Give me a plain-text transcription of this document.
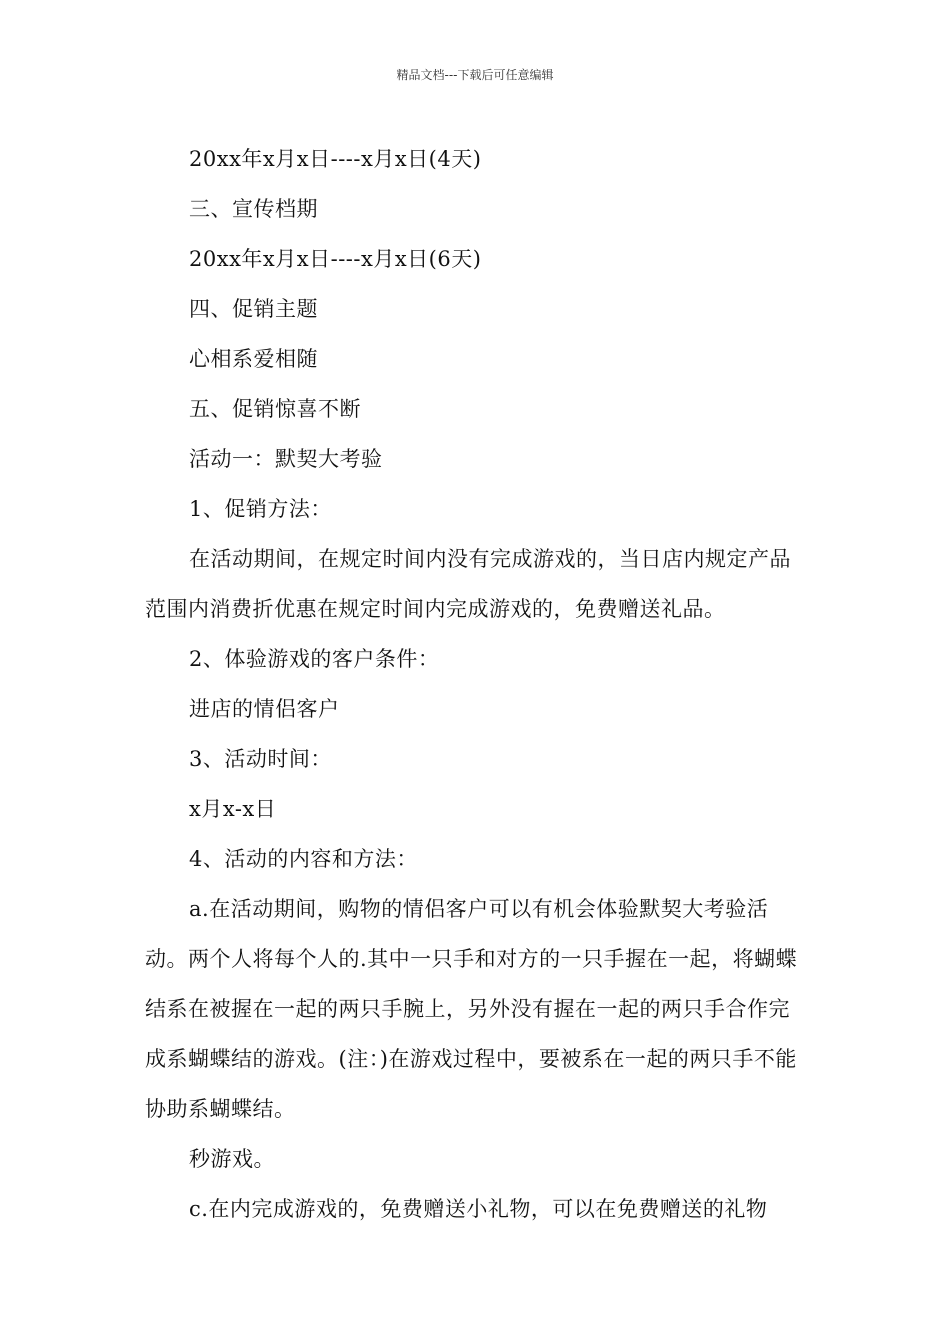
精品文档---下载后可任意编辑

20xx年x月x日----x月x日(4天)

三、宣传档期

20xx年x月x日----x月x日(6天)

四、促销主题

心相系爱相随

五、促销惊喜不断

活动一：默契大考验

1、促销方法：

在活动期间，在规定时间内没有完成游戏的，当日店内规定产品范围内消费折优惠在规定时间内完成游戏的，免费赠送礼品。

2、体验游戏的客户条件：

进店的情侣客户

3、活动时间：

x月x-x日

4、活动的内容和方法：

a.在活动期间，购物的情侣客户可以有机会体验默契大考验活动。两个人将每个人的.其中一只手和对方的一只手握在一起，将蝴蝶结系在被握在一起的两只手腕上，另外没有握在一起的两只手合作完成系蝴蝶结的游戏。(注：)在游戏过程中，要被系在一起的两只手不能协助系蝴蝶结。

秒游戏。

c.在内完成游戏的，免费赠送小礼物，可以在免费赠送的礼物
